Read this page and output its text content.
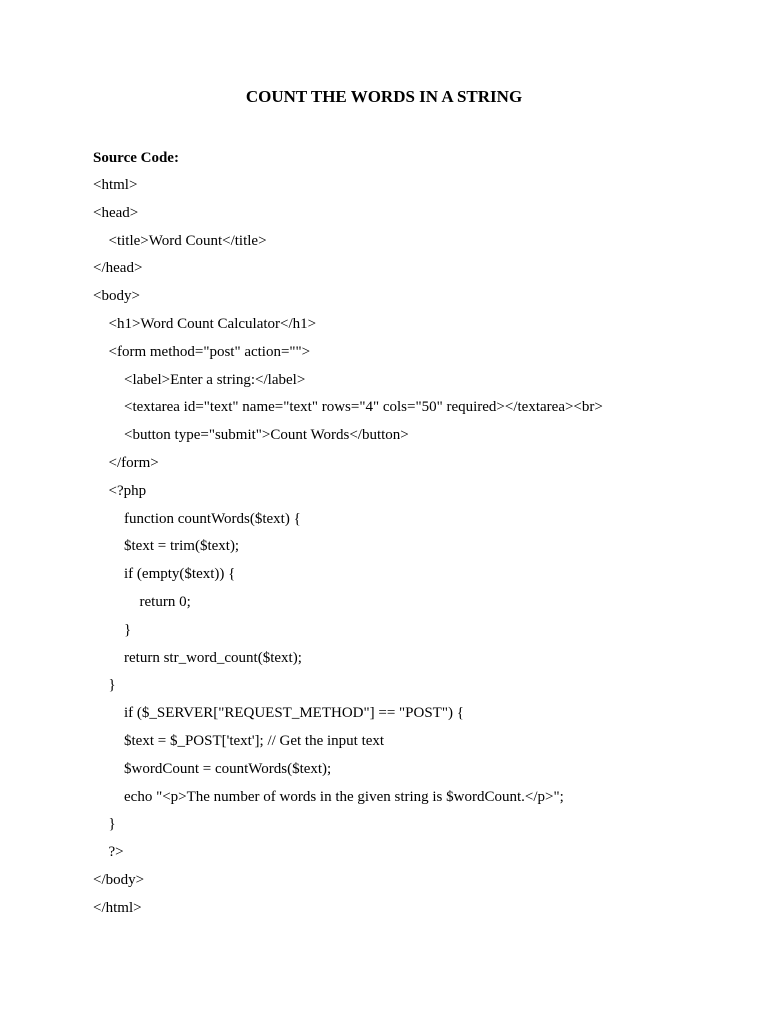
COUNT THE WORDS IN A STRING
Source Code:
<html>
<head>
<title>Word Count</title>
</head>
<body>
<h1>Word Count Calculator</h1>
<form method="post" action="">
<label>Enter a string:</label>
<textarea id="text" name="text" rows="4" cols="50" required></textarea><br>
<button type="submit">Count Words</button>
</form>
<?php
function countWords($text) {
$text = trim($text);
if (empty($text)) {
return 0;
}
return str_word_count($text);
}
if ($_SERVER["REQUEST_METHOD"] == "POST") {
$text = $_POST['text']; // Get the input text
$wordCount = countWords($text);
echo "<p>The number of words in the given string is $wordCount.</p>";
}
?>
</body>
</html>
